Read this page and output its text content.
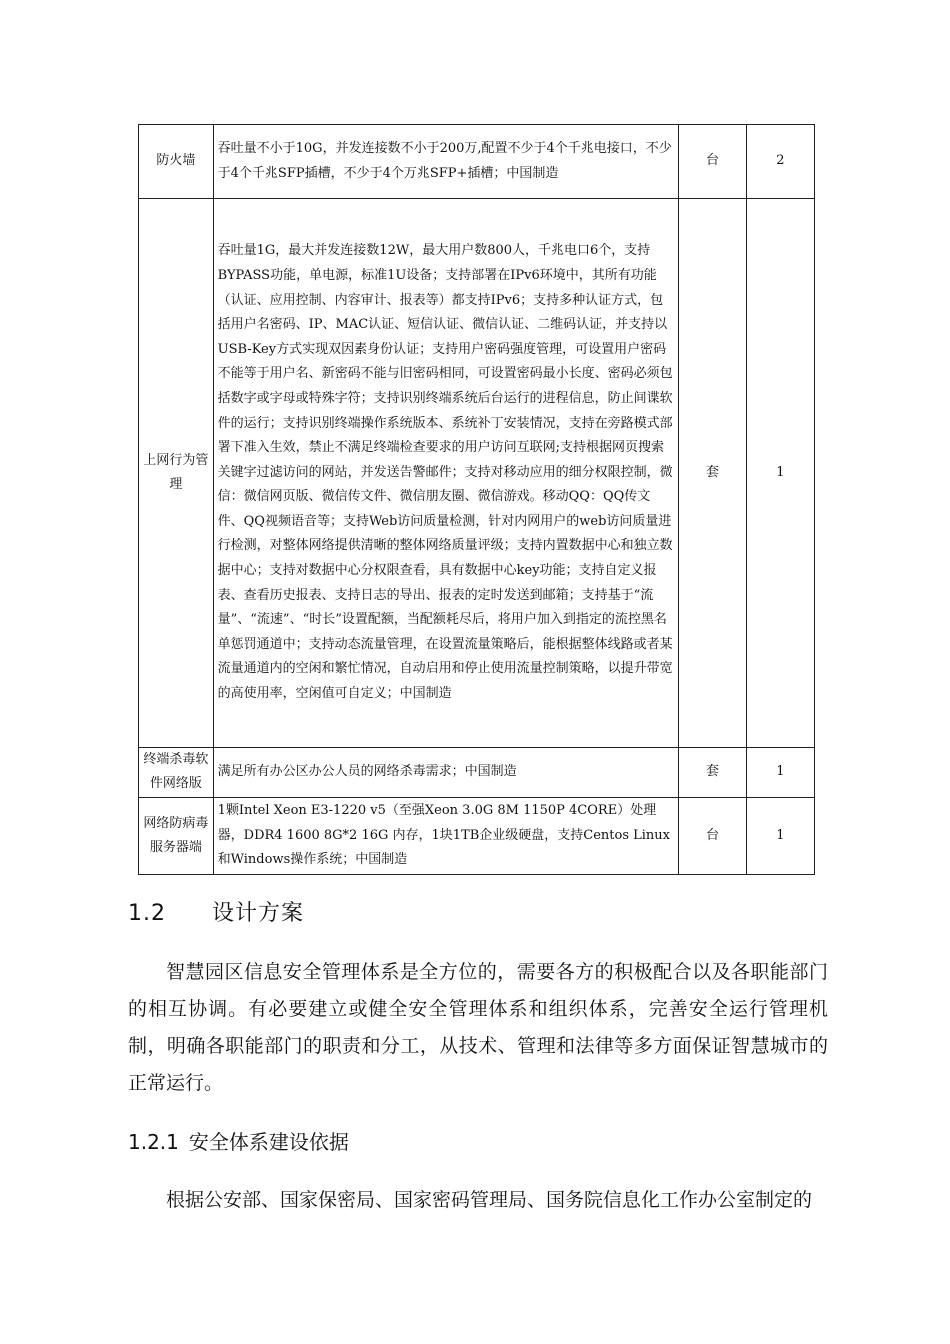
防火墙	吞吐量不小于10G，并发连接数不小于200万,配置不少于4个千兆电接口，不少于4个千兆SFP插槽，不少于4个万兆SFP+插槽；中国制造	台	2
上网行为管理	吞吐量1G，最大并发连接数12W，最大用户数800人，千兆电口6个，支持BYPASS功能，单电源，标准1U设备；支持部署在IPv6环境中，其所有功能（认证、应用控制、内容审计、报表等）都支持IPv6；支持多种认证方式，包括用户名密码、IP、MAC认证、短信认证、微信认证、二维码认证，并支持以USB-Key方式实现双因素身份认证；支持用户密码强度管理，可设置用户密码不能等于用户名、新密码不能与旧密码相同，可设置密码最小长度、密码必须包括数字或字母或特殊字符；支持识别终端系统后台运行的进程信息，防止间谍软件的运行；支持识别终端操作系统版本、系统补丁安装情况，支持在旁路模式部署下准入生效，禁止不满足终端检查要求的用户访问互联网;支持根据网页搜索关键字过滤访问的网站，并发送告警邮件；支持对移动应用的细分权限控制，微信：微信网页版、微信传文件、微信朋友圈、微信游戏。移动QQ：QQ传文件、QQ视频语音等；支持Web访问质量检测，针对内网用户的web访问质量进行检测，对整体网络提供清晰的整体网络质量评级；支持内置数据中心和独立数据中心；支持对数据中心分权限查看，具有数据中心key功能；支持自定义报表、查看历史报表、支持日志的导出、报表的定时发送到邮箱；支持基于“流量”、“流速”、“时长”设置配额，当配额耗尽后，将用户加入到指定的流控黑名单惩罚通道中；支持动态流量管理，在设置流量策略后，能根据整体线路或者某流量通道内的空闲和繁忙情况，自动启用和停止使用流量控制策略，以提升带宽的高使用率，空闲值可自定义；中国制造	套	1
终端杀毒软件网络版	满足所有办公区办公人员的网络杀毒需求；中国制造	套	1
网络防病毒服务器端	1颗Intel Xeon E3-1220 v5（至强Xeon 3.0G 8M 1150P 4CORE）处理器，DDR4 1600 8G*2 16G 内存，1块1TB企业级硬盘，支持Centos Linux和Windows操作系统；中国制造	台	1
1.2 设计方案

智慧园区信息安全管理体系是全方位的，需要各方的积极配合以及各职能部门的相互协调。有必要建立或健全安全管理体系和组织体系，完善安全运行管理机制，明确各职能部门的职责和分工，从技术、管理和法律等多方面保证智慧城市的正常运行。

1.2.1 安全体系建设依据

根据公安部、国家保密局、国家密码管理局、国务院信息化工作办公室制定的
